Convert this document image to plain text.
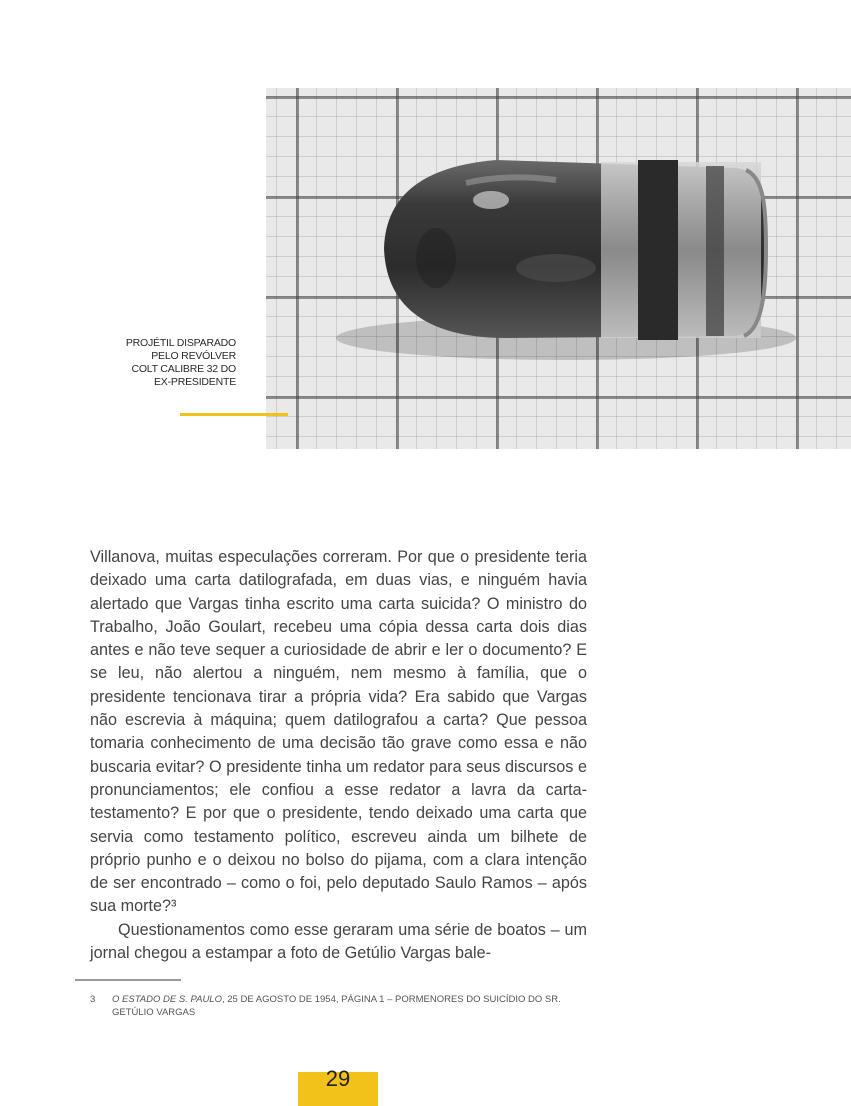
PROJÉTIL DISPARADO
PELO REVÓLVER
COLT CALIBRE 32 DO
EX-PRESIDENTE

Villanova, muitas especulações correram. Por que o presidente teria deixado uma carta datilografada, em duas vias, e ninguém havia alertado que Vargas tinha escrito uma carta suicida? O ministro do Trabalho, João Goulart, recebeu uma cópia dessa carta dois dias antes e não teve sequer a curiosidade de abrir e ler o documento? E se leu, não alertou a ninguém, nem mesmo à família, que o presidente tencionava tirar a própria vida? Era sabido que Vargas não escrevia à máquina; quem datilografou a carta? Que pessoa tomaria conhecimento de uma decisão tão grave como essa e não buscaria evitar? O presidente tinha um redator para seus discursos e pronunciamentos; ele confiou a esse redator a lavra da carta-testamento? E por que o presidente, tendo deixado uma carta que servia como testamento político, escreveu ainda um bilhete de próprio punho e o deixou no bolso do pijama, com a clara intenção de ser encontrado – como o foi, pelo deputado Saulo Ramos – após sua morte?³

Questionamentos como esse geraram uma série de boatos – um jornal chegou a estampar a foto de Getúlio Vargas bale-

3 O ESTADO DE S. PAULO, 25 DE AGOSTO DE 1954, PÁGINA 1 – PORMENORES DO SUICÍDIO DO SR. GETÚLIO VARGAS
29
